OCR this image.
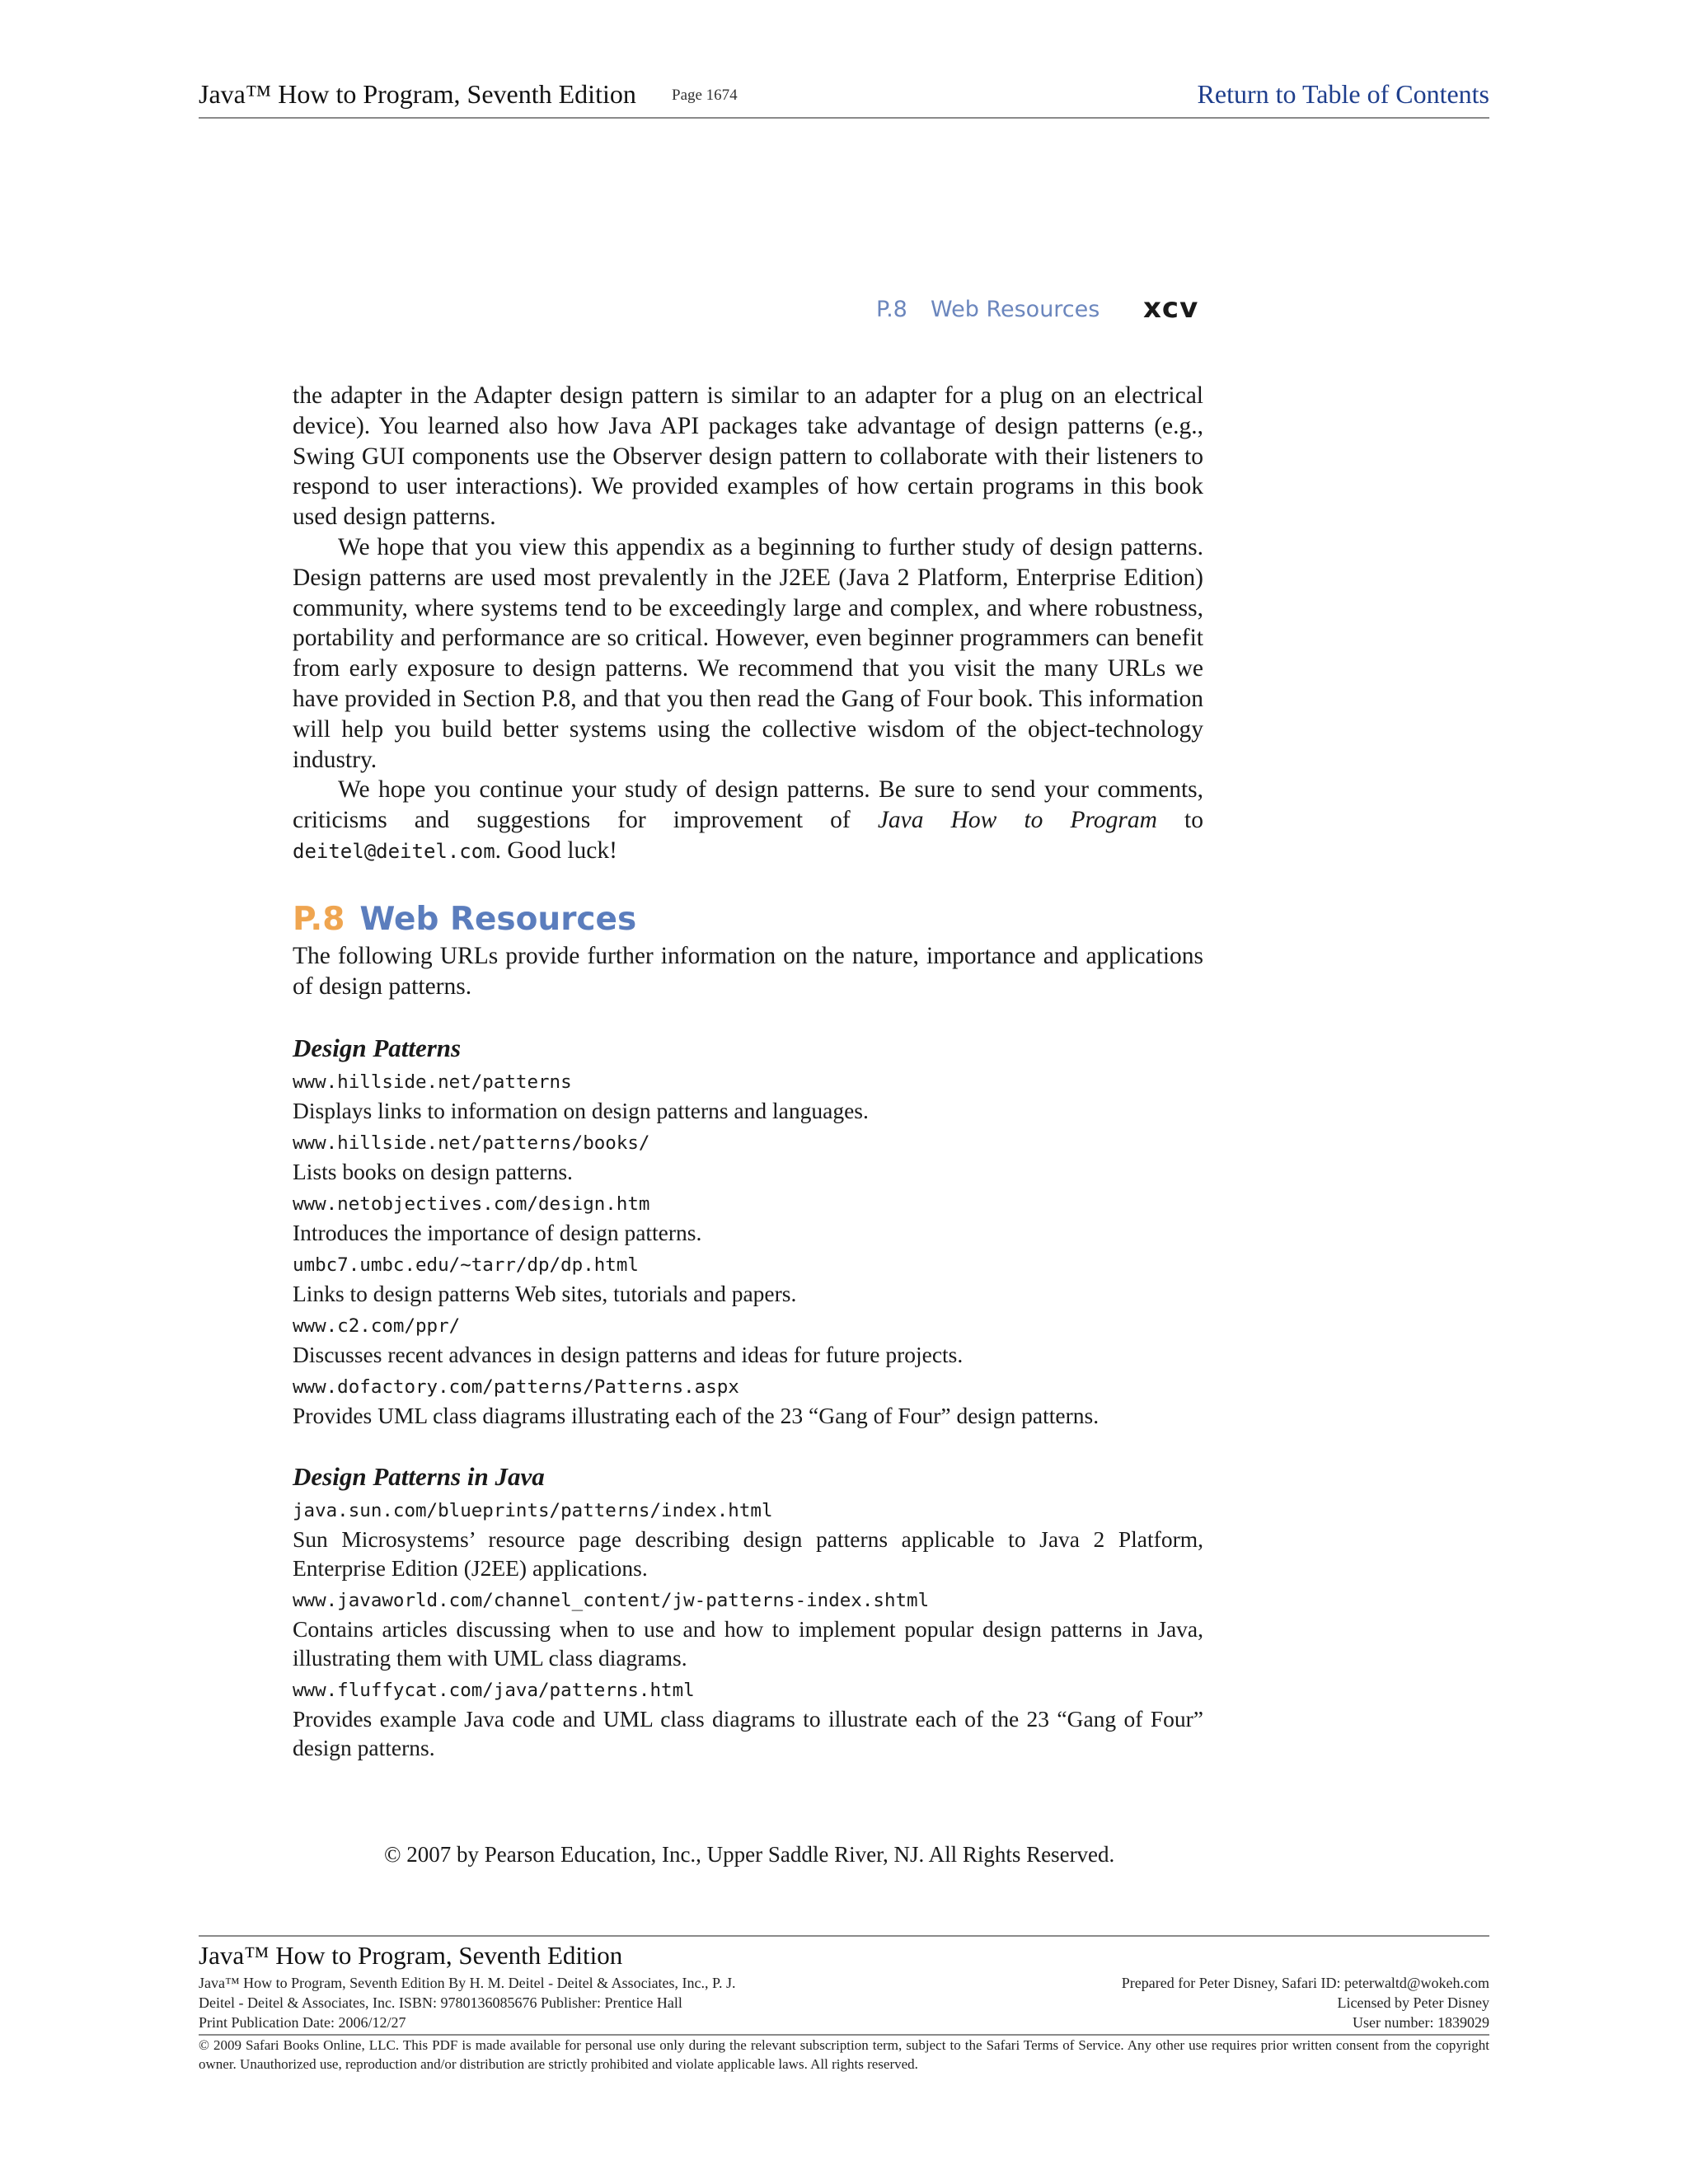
Java™ How to Program, Seventh Edition Page 1674	Return to Table of Contents
P.8 Web Resources xcv

the adapter in the Adapter design pattern is similar to an adapter for a plug on an electrical device). You learned also how Java API packages take advantage of design patterns (e.g., Swing GUI components use the Observer design pattern to collaborate with their listeners to respond to user interactions). We provided examples of how certain programs in this book used design patterns.

We hope that you view this appendix as a beginning to further study of design patterns. Design patterns are used most prevalently in the J2EE (Java 2 Platform, Enterprise Edition) community, where systems tend to be exceedingly large and complex, and where robustness, portability and performance are so critical. However, even beginner programmers can benefit from early exposure to design patterns. We recommend that you visit the many URLs we have provided in Section P.8, and that you then read the Gang of Four book. This information will help you build better systems using the collective wisdom of the object-technology industry.

We hope you continue your study of design patterns. Be sure to send your comments, criticisms and suggestions for improvement of Java How to Program to deitel@deitel.com. Good luck!

P.8 Web Resources

The following URLs provide further information on the nature, importance and applications of design patterns.

Design Patterns
www.hillside.net/patterns

Displays links to information on design patterns and languages.

www.hillside.net/patterns/books/

Lists books on design patterns.

www.netobjectives.com/design.htm

Introduces the importance of design patterns.

umbc7.umbc.edu/~tarr/dp/dp.html

Links to design patterns Web sites, tutorials and papers.

www.c2.com/ppr/

Discusses recent advances in design patterns and ideas for future projects.

www.dofactory.com/patterns/Patterns.aspx

Provides UML class diagrams illustrating each of the 23 “Gang of Four” design patterns.

Design Patterns in Java
java.sun.com/blueprints/patterns/index.html

Sun Microsystems’ resource page describing design patterns applicable to Java 2 Platform, Enterprise Edition (J2EE) applications.

www.javaworld.com/channel_content/jw-patterns-index.shtml

Contains articles discussing when to use and how to implement popular design patterns in Java, illustrating them with UML class diagrams.

www.fluffycat.com/java/patterns.html

Provides example Java code and UML class diagrams to illustrate each of the 23 “Gang of Four” design patterns.

© 2007 by Pearson Education, Inc., Upper Saddle River, NJ. All Rights Reserved.
Java™ How to Program, Seventh Edition
Java™ How to Program, Seventh Edition By H. M. Deitel - Deitel & Associates, Inc., P. J.	Prepared for Peter Disney, Safari ID: peterwaltd@wokeh.com
Deitel - Deitel & Associates, Inc. ISBN: 9780136085676 Publisher: Prentice Hall	Licensed by Peter Disney
Print Publication Date: 2006/12/27	User number: 1839029
© 2009 Safari Books Online, LLC. This PDF is made available for personal use only during the relevant subscription term, subject to the Safari Terms of Service. Any other use requires prior written consent from the copyright owner. Unauthorized use, reproduction and/or distribution are strictly prohibited and violate applicable laws. All rights reserved.
